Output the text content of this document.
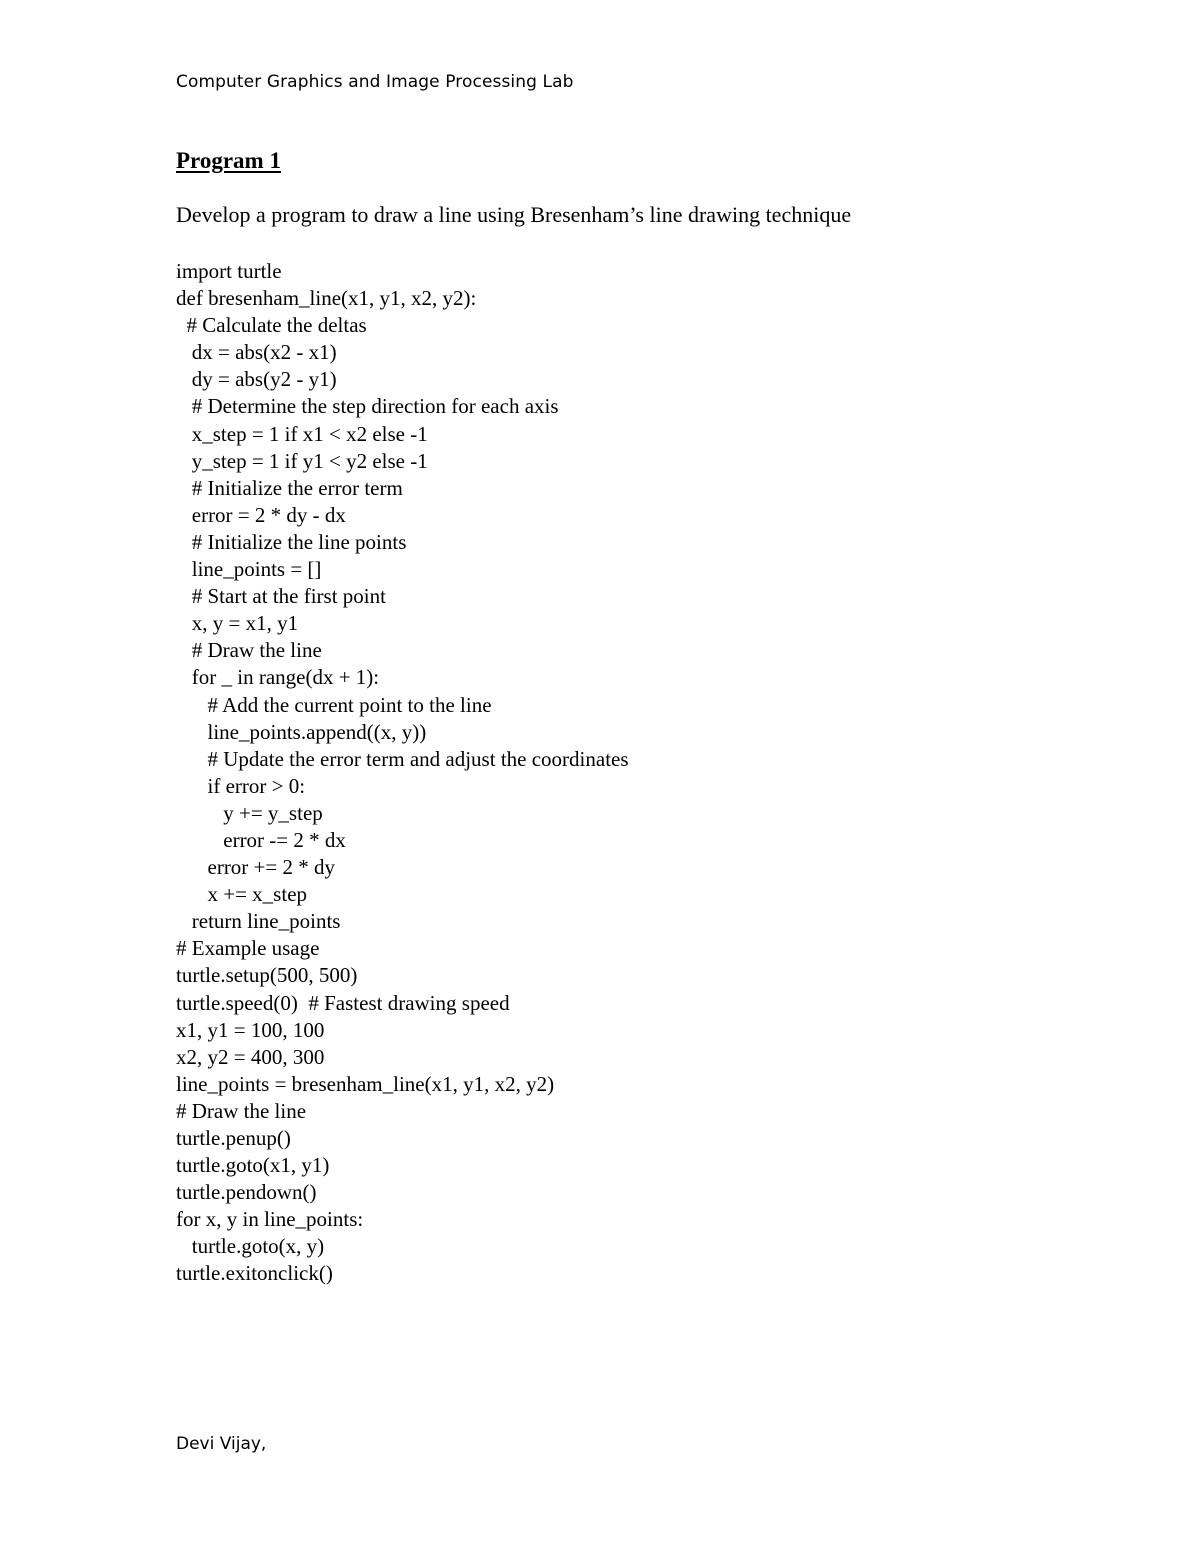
Computer Graphics and Image Processing Lab
Program 1

Develop a program to draw a line using Bresenham’s line drawing technique

import turtle
def bresenham_line(x1, y1, x2, y2):
# Calculate the deltas
dx = abs(x2 - x1)
dy = abs(y2 - y1)
# Determine the step direction for each axis
x_step = 1 if x1 < x2 else -1
y_step = 1 if y1 < y2 else -1
# Initialize the error term
error = 2 * dy - dx
# Initialize the line points
line_points = []
# Start at the first point
x, y = x1, y1
# Draw the line
for _ in range(dx + 1):
# Add the current point to the line
line_points.append((x, y))
# Update the error term and adjust the coordinates
if error > 0:
y += y_step
error -= 2 * dx
error += 2 * dy
x += x_step
return line_points
# Example usage
turtle.setup(500, 500)
turtle.speed(0)  # Fastest drawing speed
x1, y1 = 100, 100
x2, y2 = 400, 300
line_points = bresenham_line(x1, y1, x2, y2)
# Draw the line
turtle.penup()
turtle.goto(x1, y1)
turtle.pendown()
for x, y in line_points:
turtle.goto(x, y)
turtle.exitonclick()
Devi Vijay,
